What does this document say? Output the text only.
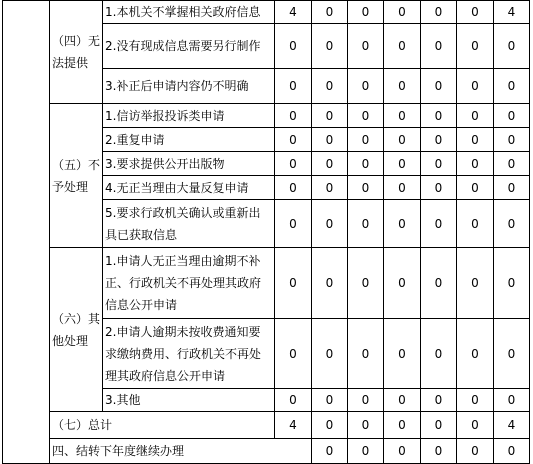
	（四）无法提供	1.本机关不掌握相关政府信息	4	0	0	0	0	0	4	
		2.没有现成信息需要另行制作	0	0	0	0	0	0	0	
		3.补正后申请内容仍不明确	0	0	0	0	0	0	0	
	（五）不予处理	1.信访举报投诉类申请	0	0	0	0	0	0	0	
		2.重复申请	0	0	0	0	0	0	0	
		3.要求提供公开出版物	0	0	0	0	0	0	0	
		4.无正当理由大量反复申请	0	0	0	0	0	0	0	
		5.要求行政机关确认或重新出具已获取信息	0	0	0	0	0	0	0	
	（六）其他处理	1.申请人无正当理由逾期不补正、行政机关不再处理其政府信息公开申请	0	0	0	0	0	0	0	
		2.申请人逾期未按收费通知要求缴纳费用、行政机关不再处理其政府信息公开申请	0	0	0	0	0	0	0	
		3.其他	0	0	0	0	0	0	0	
	（七）总计		4	0	0	0	0	0	4	
	四、结转下年度继续办理			0	0	0	0	0	0	
